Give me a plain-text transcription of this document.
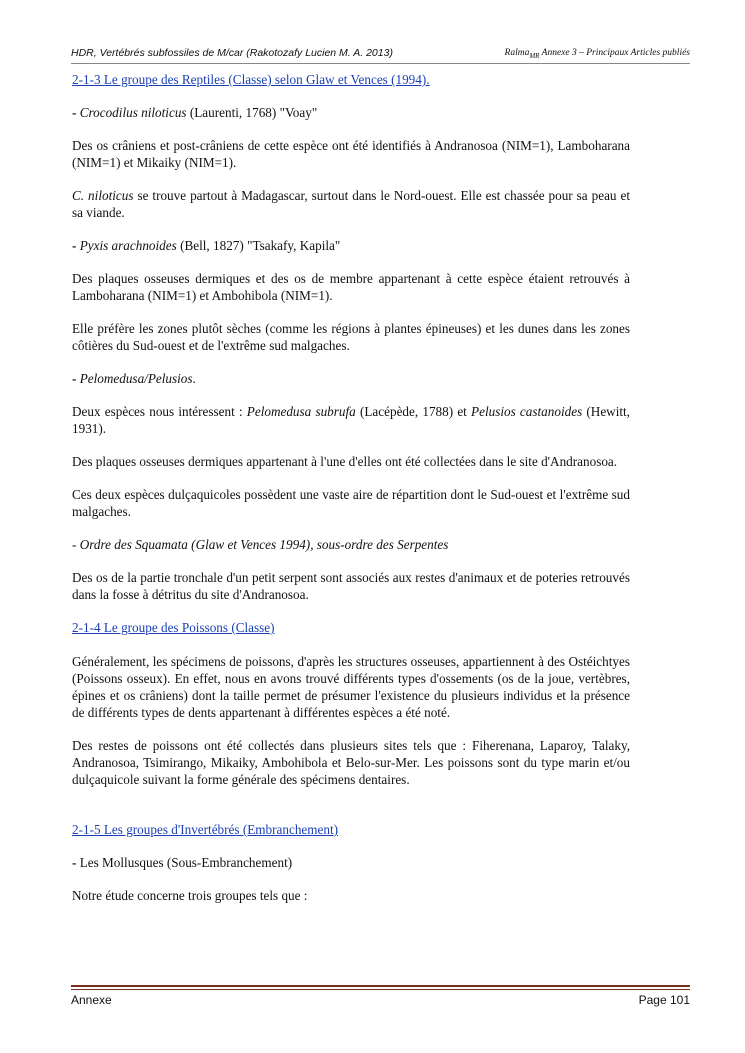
HDR, Vertébrés subfossiles de M/car (Rakotozafy Lucien M. A. 2013)	Ralma$_{MR}$ Annexe 3 – Principaux Articles publiés

2-1-3 Le groupe des Reptiles (Classe) selon Glaw et Vences (1994).

- Crocodilus niloticus (Laurenti, 1768) "Voay"

Des os crâniens et post-crâniens de cette espèce ont été identifiés à Andranosoa (NIM=1), Lamboharana (NIM=1) et Mikaiky (NIM=1).

C. niloticus se trouve partout à Madagascar, surtout dans le Nord-ouest. Elle est chassée pour sa peau et sa viande.

- Pyxis arachnoides (Bell, 1827) "Tsakafy, Kapila"

Des plaques osseuses dermiques et des os de membre appartenant à cette espèce étaient retrouvés à Lamboharana (NIM=1) et Ambohibola (NIM=1).

Elle préfère les zones plutôt sèches (comme les régions à plantes épineuses) et les dunes dans les zones côtières du Sud-ouest et de l'extrême sud malgaches.

- Pelomedusa/Pelusios.

Deux espèces nous intéressent : Pelomedusa subrufa (Lacépède, 1788) et Pelusios castanoides (Hewitt, 1931).

Des plaques osseuses dermiques appartenant à l'une d'elles ont été collectées dans le site d'Andranosoa.

Ces deux espèces dulçaquicoles possèdent une vaste aire de répartition dont le Sud-ouest et l'extrême sud malgaches.

- Ordre des Squamata (Glaw et Vences 1994), sous-ordre des Serpentes

Des os de la partie tronchale d'un petit serpent sont associés aux restes d'animaux et de poteries retrouvés dans la fosse à détritus du site d'Andranosoa.

2-1-4 Le groupe des Poissons (Classe)

Généralement, les spécimens de poissons, d'après les structures osseuses, appartiennent à des Ostéichtyes (Poissons osseux). En effet, nous en avons trouvé différents types d'ossements (os de la joue, vertèbres, épines et os crâniens) dont la taille permet de présumer l'existence du plusieurs individus et la présence de différents types de dents appartenant à différentes espèces a été noté.

Des restes de poissons ont été collectés dans plusieurs sites tels que : Fiherenana, Laparoy, Talaky, Andranosoa, Tsimirango, Mikaiky, Ambohibola et Belo-sur-Mer. Les poissons sont du type marin et/ou dulçaquicole suivant la forme générale des spécimens dentaires.

2-1-5 Les groupes d'Invertébrés (Embranchement)

- Les Mollusques (Sous-Embranchement)

Notre étude concerne trois groupes tels que :

Annexe	Page 101
